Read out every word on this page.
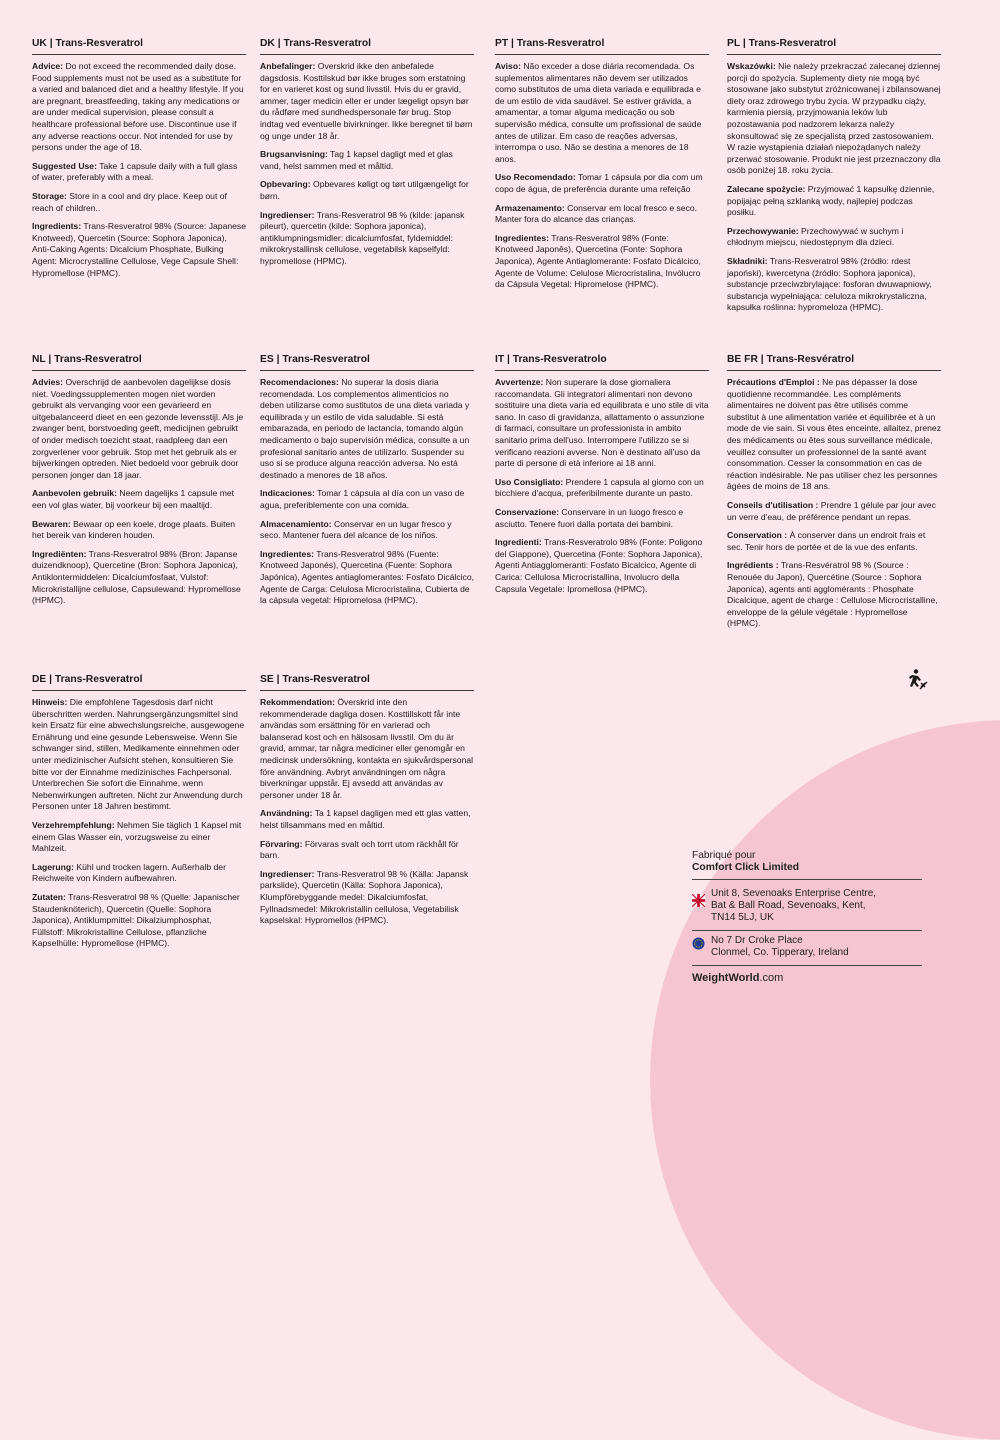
UK | Trans-Resveratrol

Advice: Do not exceed the recommended daily dose. Food supplements must not be used as a substitute for a varied and balanced diet and a healthy lifestyle. If you are pregnant, breastfeeding, taking any medications or are under medical supervision, please consult a healthcare professional before use. Discontinue use if any adverse reactions occur. Not intended for use by persons under the age of 18.

Suggested Use: Take 1 capsule daily with a full glass of water, preferably with a meal.

Storage: Store in a cool and dry place. Keep out of reach of children..

Ingredients: Trans-Resveratrol 98% (Source: Japanese Knotweed), Quercetin (Source: Sophora Japonica), Anti-Caking Agents: Dicalcium Phosphate, Bulking Agent: Microcrystalline Cellulose, Vege Capsule Shell: Hypromellose (HPMC).

DK | Trans-Resveratrol

Anbefalinger: Overskrid ikke den anbefalede dagsdosis. Kosttilskud bør ikke bruges som erstatning for en varieret kost og sund livsstil. Hvis du er gravid, ammer, tager medicin eller er under lægeligt opsyn bør du rådføre med sundhedspersonale før brug. Stop indtag ved eventuelle bivirkninger. Ikke beregnet til børn og unge under 18 år.

Brugsanvisning: Tag 1 kapsel dagligt med et glas vand, helst sammen med et måltid.

Opbevaring: Opbevares køligt og tørt utilgængeligt for børn.

Ingredienser: Trans-Resveratrol 98 % (kilde: japansk pileurt), quercetin (kilde: Sophora japonica), antiklumpningsmidler: dicalciumfosfat, fyldemiddel: mikrokrystallinsk cellulose, vegetabilsk kapselfyld: hypromellose (HPMC).

PT | Trans-Resveratrol

Aviso: Não exceder a dose diária recomendada. Os suplementos alimentares não devem ser utilizados como substitutos de uma dieta variada e equilibrada e de um estilo de vida saudável. Se estiver grávida, a amamentar, a tomar alguma medicação ou sob supervisão médica, consulte um profissional de saúde antes de utilizar. Em caso de reações adversas, interrompa o uso. Não se destina a menores de 18 anos.

Uso Recomendado: Tomar 1 cápsula por dia com um copo de água, de preferência durante uma refeição

Armazenamento: Conservar em local fresco e seco. Manter fora do alcance das crianças.

Ingredientes: Trans-Resveratrol 98% (Fonte: Knotweed Japonês), Quercetina (Fonte: Sophora Japonica), Agente Antiaglomerante: Fosfato Dicálcico, Agente de Volume: Celulose Microcristalina, Invólucro da Cápsula Vegetal: Hipromelose (HPMC).

PL | Trans-Resveratrol

Wskazówki: Nie należy przekraczać zalecanej dziennej porcji do spożycia. Suplementy diety nie mogą być stosowane jako substytut zróżnicowanej i zbilansowanej diety oraz zdrowego trybu życia. W przypadku ciąży, karmienia piersią, przyjmowania leków lub pozostawania pod nadzorem lekarza należy skonsultować się ze specjalistą przed zastosowaniem. W razie wystąpienia działań niepożądanych należy przerwać stosowanie. Produkt nie jest przeznaczony dla osób poniżej 18. roku życia.

Zalecane spożycie: Przyjmować 1 kapsułkę dziennie, popijając pełną szklanką wody, najlepiej podczas posiłku.

Przechowywanie: Przechowywać w suchym i chłodnym miejscu, niedostępnym dla dzieci.

Składniki: Trans-Resveratrol 98% (źródło: rdest japoński), kwercetyna (źródło: Sophora japonica), substancje przeciwzbrylające: fosforan dwuwapniowy, substancja wypełniająca: celuloza mikrokrystaliczna, kapsułka roślinna: hypromeloza (HPMC).

NL | Trans-Resveratrol

Advies: Overschrijd de aanbevolen dagelijkse dosis niet. Voedingssupplementen mogen niet worden gebruikt als vervanging voor een gevarieerd en uitgebalanceerd dieet en een gezonde levensstijl. Als je zwanger bent, borstvoeding geeft, medicijnen gebruikt of onder medisch toezicht staat, raadpleeg dan een zorgverlener voor gebruik. Stop met het gebruik als er bijwerkingen optreden. Niet bedoeld voor gebruik door personen jonger dan 18 jaar.

Aanbevolen gebruik: Neem dagelijks 1 capsule met een vol glas water, bij voorkeur bij een maaltijd.

Bewaren: Bewaar op een koele, droge plaats. Buiten het bereik van kinderen houden.

Ingrediënten: Trans-Resveratrol 98% (Bron: Japanse duizendknoop), Quercetine (Bron: Sophora Japonica), Antiklontermiddelen: Dicalciumfosfaat, Vulstof: Microkristallijne cellulose, Capsulewand: Hypromellose (HPMC).

ES | Trans-Resveratrol

Recomendaciones: No superar la dosis diaria recomendada. Los complementos alimenticios no deben utilizarse como sustitutos de una dieta variada y equilibrada y un estilo de vida saludable. Si está embarazada, en periodo de lactancia, tomando algún medicamento o bajo supervisión médica, consulte a un profesional sanitario antes de utilizarlo. Suspender su uso si se produce alguna reacción adversa. No está destinado a menores de 18 años.

Indicaciones: Tomar 1 cápsula al día con un vaso de agua, preferiblemente con una comida.

Almacenamiento: Conservar en un lugar fresco y seco. Mantener fuera del alcance de los niños.

Ingredientes: Trans-Resveratrol 98% (Fuente: Knotweed Japonés), Quercetina (Fuente: Sophora Japónica), Agentes antiaglomerantes: Fosfato Dicálcico, Agente de Carga: Celulosa Microcristalina, Cubierta de la cápsula vegetal: Hipromelosa (HPMC).

IT | Trans-Resveratrolo

Avvertenze: Non superare la dose giornaliera raccomandata. Gli integratori alimentari non devono sostituire una dieta varia ed equilibrata e uno stile di vita sano. In caso di gravidanza, allattamento o assunzione di farmaci, consultare un professionista in ambito sanitario prima dell'uso. Interrompere l'utilizzo se si verificano reazioni avverse. Non è destinato all'uso da parte di persone di età inferiore ai 18 anni.

Uso Consigliato: Prendere 1 capsula al giorno con un bicchiere d'acqua, preferibilmente durante un pasto.

Conservazione: Conservare in un luogo fresco e asciutto. Tenere fuori dalla portata dei bambini.

Ingredienti: Trans-Resveratrolo 98% (Fonte: Poligono del Giappone), Quercetina (Fonte: Sophora Japonica), Agenti Antiagglomeranti: Fosfato Bicalcico, Agente di Carica: Cellulosa Microcristallina, Involucro della Capsula Vegetale: Ipromellosa (HPMC).

BE FR | Trans-Resvératrol

Précautions d'Emploi : Ne pas dépasser la dose quotidienne recommandée. Les compléments alimentaires ne doivent pas être utilisés comme substitut à une alimentation variée et équilibrée et à un mode de vie sain. Si vous êtes enceinte, allaitez, prenez des médicaments ou êtes sous surveillance médicale, veuillez consulter un professionnel de la santé avant consommation. Cesser la consommation en cas de réaction indésirable. Ne pas utiliser chez les personnes âgées de moins de 18 ans.

Conseils d'utilisation : Prendre 1 gélule par jour avec un verre d'eau, de préférence pendant un repas.

Conservation : À conserver dans un endroit frais et sec. Tenir hors de portée et de la vue des enfants.

Ingrédients : Trans-Resvératrol 98 % (Source : Renouée du Japon), Quercétine (Source : Sophora Japonica), agents anti agglomérants : Phosphate Dicalcique, agent de charge : Cellulose Microcristalline, enveloppe de la gélule végétale : Hypromellose (HPMC).

DE | Trans-Resveratrol

Hinweis: Die empfohlene Tagesdosis darf nicht überschritten werden. Nahrungsergänzungsmittel sind kein Ersatz für eine abwechslungsreiche, ausgewogene Ernährung und eine gesunde Lebensweise. Wenn Sie schwanger sind, stillen, Medikamente einnehmen oder unter medizinischer Aufsicht stehen, konsultieren Sie bitte vor der Einnahme medizinisches Fachpersonal. Unterbrechen Sie sofort die Einnahme, wenn Nebenwirkungen auftreten. Nicht zur Anwendung durch Personen unter 18 Jahren bestimmt.

Verzehrempfehlung: Nehmen Sie täglich 1 Kapsel mit einem Glas Wasser ein, vorzugsweise zu einer Mahlzeit.

Lagerung: Kühl und trocken lagern. Außerhalb der Reichweite von Kindern aufbewahren.

Zutaten: Trans-Resveratrol 98 % (Quelle: Japanischer Staudenknöterich), Quercetin (Quelle: Sophora Japonica), Antiklumpmittel: Dikalziumphosphat, Füllstoff: Mikrokristalline Cellulose, pflanzliche Kapselhülle: Hypromellose (HPMC).

SE | Trans-Resveratrol

Rekommendation: Överskrid inte den rekommenderade dagliga dosen. Kosttillskott får inte användas som ersättning för en varierad och balanserad kost och en hälsosam livsstil. Om du är gravid, ammar, tar några mediciner eller genomgår en medicinsk undersökning, kontakta en sjukvårdspersonal före användning. Avbryt användningen om några biverkningar uppstår. Ej avsedd att användas av personer under 18 år.

Användning: Ta 1 kapsel dagligen med ett glas vatten, helst tillsammans med en måltid.

Förvaring: Förvaras svalt och torrt utom räckhåll för barn.

Ingredienser: Trans-Resveratrol 98 % (Källa: Japansk parkslide), Quercetin (Källa: Sophora Japonica), Klumpförebyggande medel: Dikalciumfosfat, Fyllnadsmedel: Mikrokristallin cellulosa, Vegetabilisk kapselskal: Hypromellos (HPMC).

Fabriqué pour
Comfort Click Limited
Unit 8, Sevenoaks Enterprise Centre,
Bat & Ball Road, Sevenoaks, Kent,
TN14 5LJ, UK
No 7 Dr Croke Place
Clonmel, Co. Tipperary, Ireland
WeightWorld.com
